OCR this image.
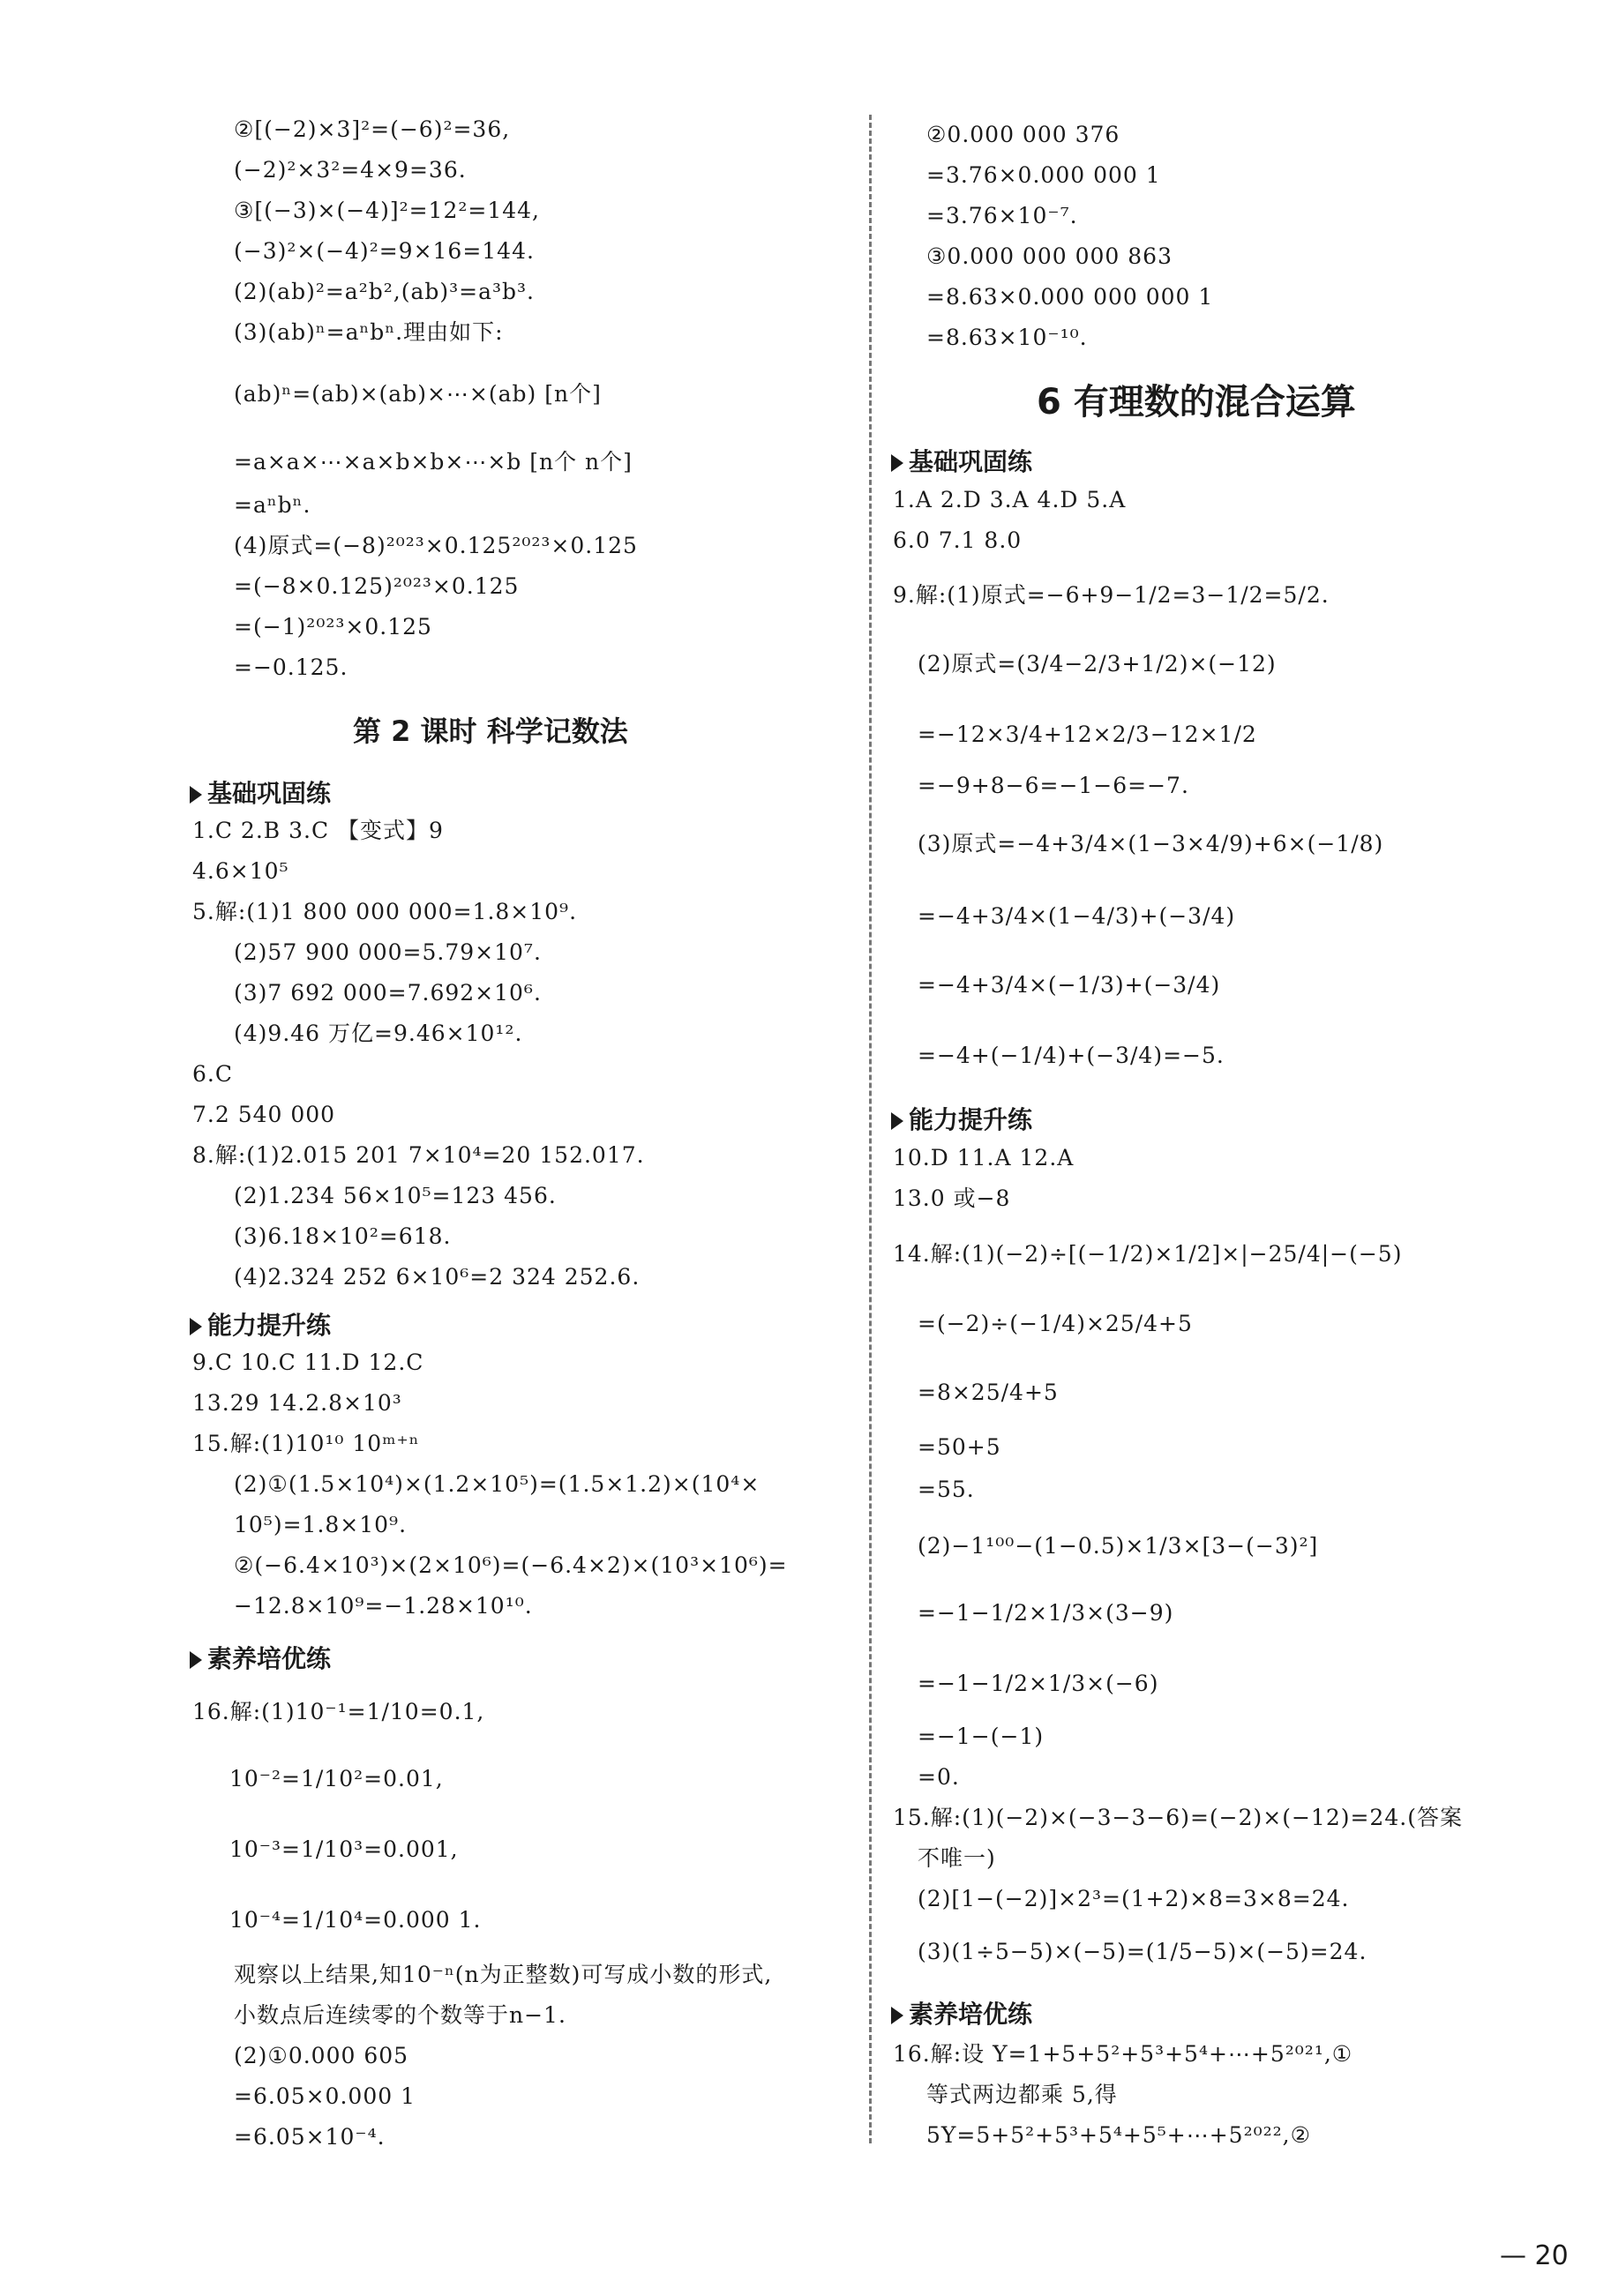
②[(−2)×3]²=(−6)²=36,
(−2)²×3²=4×9=36.
③[(−3)×(−4)]²=12²=144,
(−3)²×(−4)²=9×16=144.
(2)(ab)²=a²b²,(ab)³=a³b³.
(3)(ab)ⁿ=aⁿbⁿ.理由如下:
(ab)ⁿ=(ab)×(ab)×⋯×(ab) [n个]
=a×a×⋯×a×b×b×⋯×b [n个 n个]
=aⁿbⁿ.
(4)原式=(−8)²⁰²³×0.125²⁰²³×0.125
=(−8×0.125)²⁰²³×0.125
=(−1)²⁰²³×0.125
=−0.125.
第 2 课时 科学记数法
基础巩固练
1.C 2.B 3.C 【变式】9
4.6×10⁵
5.解:(1)1 800 000 000=1.8×10⁹.
(2)57 900 000=5.79×10⁷.
(3)7 692 000=7.692×10⁶.
(4)9.46 万亿=9.46×10¹².
6.C
7.2 540 000
8.解:(1)2.015 201 7×10⁴=20 152.017.
(2)1.234 56×10⁵=123 456.
(3)6.18×10²=618.
(4)2.324 252 6×10⁶=2 324 252.6.
能力提升练
9.C 10.C 11.D 12.C
13.29 14.2.8×10³
15.解:(1)10¹⁰ 10ᵐ⁺ⁿ
(2)①(1.5×10⁴)×(1.2×10⁵)=(1.5×1.2)×(10⁴×
10⁵)=1.8×10⁹.
②(−6.4×10³)×(2×10⁶)=(−6.4×2)×(10³×10⁶)=
−12.8×10⁹=−1.28×10¹⁰.
素养培优练
16.解:(1)10⁻¹=1/10=0.1,
10⁻²=1/10²=0.01,
10⁻³=1/10³=0.001,
10⁻⁴=1/10⁴=0.000 1.
观察以上结果,知10⁻ⁿ(n为正整数)可写成小数的形式,
小数点后连续零的个数等于n−1.
(2)①0.000 605
=6.05×0.000 1
=6.05×10⁻⁴.
②0.000 000 376
=3.76×0.000 000 1
=3.76×10⁻⁷.
③0.000 000 000 863
=8.63×0.000 000 000 1
=8.63×10⁻¹⁰.
6 有理数的混合运算
基础巩固练
1.A 2.D 3.A 4.D 5.A
6.0 7.1 8.0
9.解:(1)原式=−6+9−1/2=3−1/2=5/2.
(2)原式=(3/4−2/3+1/2)×(−12)
=−12×3/4+12×2/3−12×1/2
=−9+8−6=−1−6=−7.
(3)原式=−4+3/4×(1−3×4/9)+6×(−1/8)
=−4+3/4×(1−4/3)+(−3/4)
=−4+3/4×(−1/3)+(−3/4)
=−4+(−1/4)+(−3/4)=−5.
能力提升练
10.D 11.A 12.A
13.0 或−8
14.解:(1)(−2)÷[(−1/2)×1/2]×|−25/4|−(−5)
=(−2)÷(−1/4)×25/4+5
=8×25/4+5
=50+5
=55.
(2)−1¹⁰⁰−(1−0.5)×1/3×[3−(−3)²]
=−1−1/2×1/3×(3−9)
=−1−1/2×1/3×(−6)
=−1−(−1)
=0.
15.解:(1)(−2)×(−3−3−6)=(−2)×(−12)=24.(答案
不唯一)
(2)[1−(−2)]×2³=(1+2)×8=3×8=24.
(3)(1÷5−5)×(−5)=(1/5−5)×(−5)=24.
素养培优练
16.解:设 Y=1+5+5²+5³+5⁴+⋯+5²⁰²¹,①
等式两边都乘 5,得
5Y=5+5²+5³+5⁴+5⁵+⋯+5²⁰²²,②
— 20
